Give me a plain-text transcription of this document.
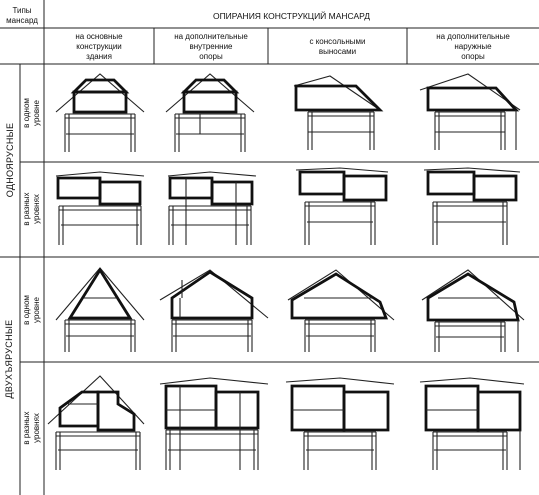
Типы
мансард	ОПИРАНИЯ КОНСТРУКЦИЙ МАНСАРД
на основные
конструкции
здания
на дополнительные
внутренние
опоры
с консольными
выносами
на дополнительные
наружные
опоры
ОДНОЯРУСНЫЕ
ДВУХЪЯРУСНЫЕ
в одном
уровне
в разных
уровнях
в одном
уровне
в разных
уровнях
